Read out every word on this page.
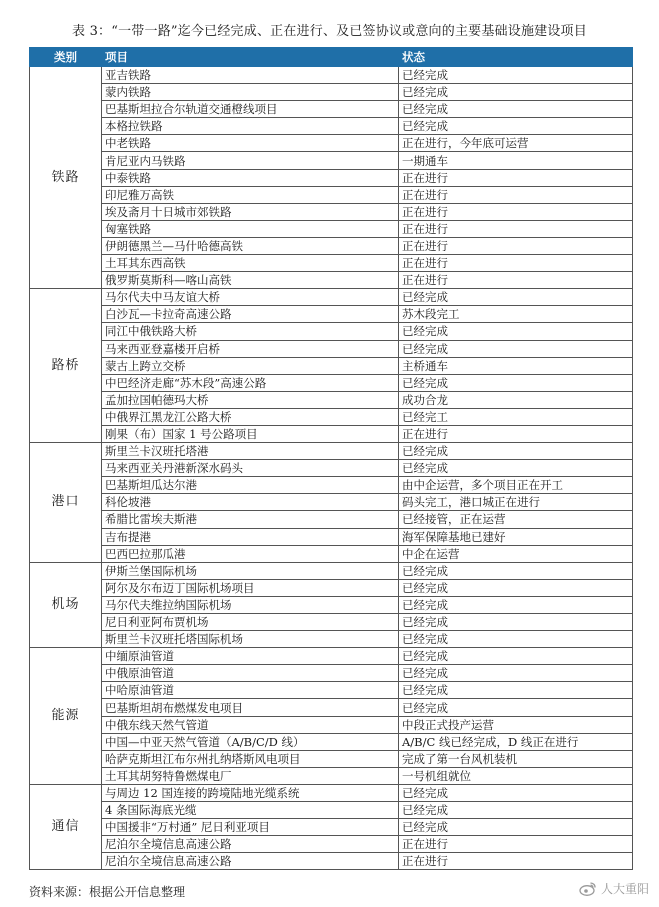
表 3：“一带一路”迄今已经完成、正在进行、及已签协议或意向的主要基础设施建设项目
类别	项目	状态
铁路	亚吉铁路	已经完成
	蒙内铁路	已经完成
	巴基斯坦拉合尔轨道交通橙线项目	已经完成
	本格拉铁路	已经完成
	中老铁路	正在进行，今年底可运营
	肯尼亚内马铁路	一期通车
	中泰铁路	正在进行
	印尼雅万高铁	正在进行
	埃及斋月十日城市郊铁路	正在进行
	匈塞铁路	正在进行
	伊朗德黑兰—马什哈德高铁	正在进行
	土耳其东西高铁	正在进行
	俄罗斯莫斯科—喀山高铁	正在进行
路桥	马尔代夫中马友谊大桥	已经完成
	白沙瓦—卡拉奇高速公路	苏木段完工
	同江中俄铁路大桥	已经完成
	马来西亚登嘉楼开启桥	已经完成
	蒙古上跨立交桥	主桥通车
	中巴经济走廊“苏木段”高速公路	已经完成
	孟加拉国帕德玛大桥	成功合龙
	中俄界江黑龙江公路大桥	已经完工
	刚果（布）国家 1 号公路项目	正在进行
港口	斯里兰卡汉班托塔港	已经完成
	马来西亚关丹港新深水码头	已经完成
	巴基斯坦瓜达尔港	由中企运营，多个项目正在开工
	科伦坡港	码头完工，港口城正在进行
	希腊比雷埃夫斯港	已经接管，正在运营
	吉布提港	海军保障基地已建好
	巴西巴拉那瓜港	中企在运营
机场	伊斯兰堡国际机场	已经完成
	阿尔及尔布迈丁国际机场项目	已经完成
	马尔代夫维拉纳国际机场	已经完成
	尼日利亚阿布贾机场	已经完成
	斯里兰卡汉班托塔国际机场	已经完成
能源	中缅原油管道	已经完成
	中俄原油管道	已经完成
	中哈原油管道	已经完成
	巴基斯坦胡布燃煤发电项目	已经完成
	中俄东线天然气管道	中段正式投产运营
	中国—中亚天然气管道（A/B/C/D 线）	A/B/C 线已经完成，D 线正在进行
	哈萨克斯坦江布尔州扎纳塔斯风电项目	完成了第一台风机装机
	土耳其胡努特鲁燃煤电厂	一号机组就位
通信	与周边 12 国连接的跨境陆地光缆系统	已经完成
	4 条国际海底光缆	已经完成
	中国援非“万村通” 尼日利亚项目	已经完成
	尼泊尔全境信息高速公路	正在进行
	尼泊尔全境信息高速公路	正在进行
资料来源：根据公开信息整理	人大重阳
